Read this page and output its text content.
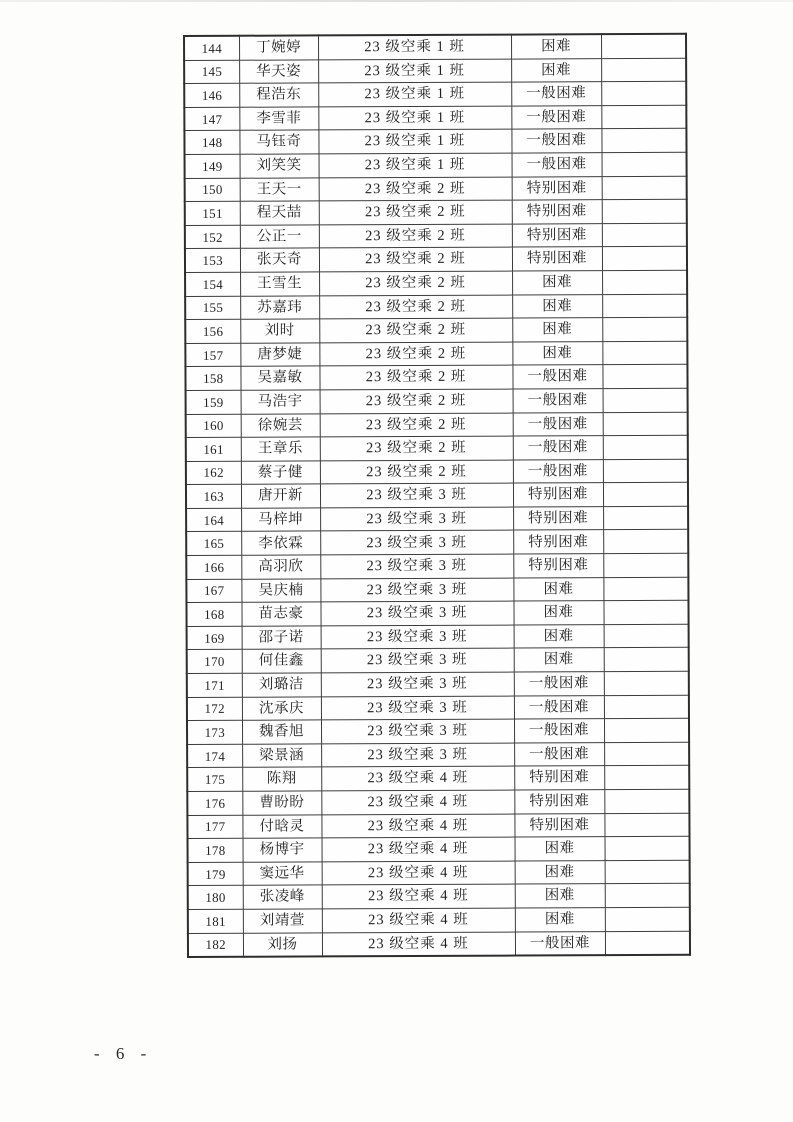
144	丁婉婷	23 级空乘 1 班	困难	
145	华天姿	23 级空乘 1 班	困难	
146	程浩东	23 级空乘 1 班	一般困难	
147	李雪菲	23 级空乘 1 班	一般困难	
148	马钰奇	23 级空乘 1 班	一般困难	
149	刘笑笑	23 级空乘 1 班	一般困难	
150	王天一	23 级空乘 2 班	特别困难	
151	程天喆	23 级空乘 2 班	特别困难	
152	公正一	23 级空乘 2 班	特别困难	
153	张天奇	23 级空乘 2 班	特别困难	
154	王雪生	23 级空乘 2 班	困难	
155	苏嘉玮	23 级空乘 2 班	困难	
156	刘时	23 级空乘 2 班	困难	
157	唐梦婕	23 级空乘 2 班	困难	
158	吴嘉敏	23 级空乘 2 班	一般困难	
159	马浩宇	23 级空乘 2 班	一般困难	
160	徐婉芸	23 级空乘 2 班	一般困难	
161	王章乐	23 级空乘 2 班	一般困难	
162	蔡子健	23 级空乘 2 班	一般困难	
163	唐开新	23 级空乘 3 班	特别困难	
164	马梓坤	23 级空乘 3 班	特别困难	
165	李依霖	23 级空乘 3 班	特别困难	
166	高羽欣	23 级空乘 3 班	特别困难	
167	吴庆楠	23 级空乘 3 班	困难	
168	苗志豪	23 级空乘 3 班	困难	
169	邵子诺	23 级空乘 3 班	困难	
170	何佳鑫	23 级空乘 3 班	困难	
171	刘璐洁	23 级空乘 3 班	一般困难	
172	沈承庆	23 级空乘 3 班	一般困难	
173	魏香旭	23 级空乘 3 班	一般困难	
174	梁景涵	23 级空乘 3 班	一般困难	
175	陈翔	23 级空乘 4 班	特别困难	
176	曹盼盼	23 级空乘 4 班	特别困难	
177	付晗灵	23 级空乘 4 班	特别困难	
178	杨博宇	23 级空乘 4 班	困难	
179	窦远华	23 级空乘 4 班	困难	
180	张凌峰	23 级空乘 4 班	困难	
181	刘靖萱	23 级空乘 4 班	困难	
182	刘扬	23 级空乘 4 班	一般困难	
- 6 -
